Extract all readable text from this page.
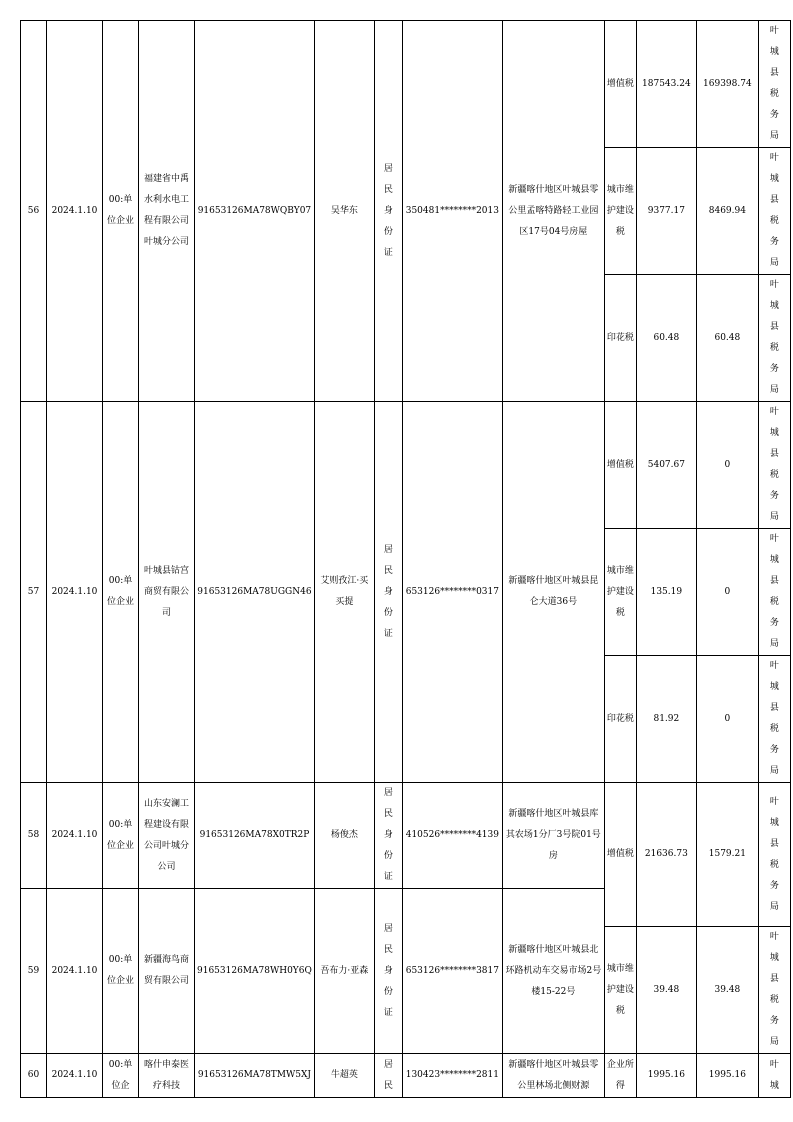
56	2024.1.10	00:单位企业	福建省中禹水利水电工程有限公司叶城分公司	91653126MA78WQBY07	吴华东	居民身份证	350481********2013	新疆喀什地区叶城县零公里孟喀特路轻工业园区17号04号房屋	增值税	187543.24	169398.74	叶城县税务局

									城市维护建设税	9377.17	8469.94	叶城县税务局

									印花税	60.48	60.48	叶城县税务局

57	2024.1.10	00:单位企业	叶城县钴宫商贸有限公司	91653126MA78UGGN46	艾则孜江·买买提	居民身份证	653126********0317	新疆喀什地区叶城县昆仑大道36号	增值税	5407.67	0	叶城县税务局

									城市维护建设税	135.19	0	叶城县税务局

									印花税	81.92	0	叶城县税务局

58	2024.1.10	00:单位企业	山东安澜工程建设有限公司叶城分公司	91653126MA78X0TR2P	杨俊杰	居民身份证	410526********4139	新疆喀什地区叶城县库其农场1分厂3号院01号房	增值税	21636.73	1579.21	叶城县税务局

59	2024.1.10	00:单位企业	新疆海鸟商贸有限公司	91653126MA78WH0Y6Q	吾布力·亚森	居民身份证	653126********3817	新疆喀什地区叶城县北环路机动车交易市场2号楼15-22号				
									城市维护建设税	39.48	39.48	叶城县税务局

60	2024.1.10	00:单位企	喀什申泰医疗科技	91653126MA78TMW5XJ	牛超英	居民	130423********2811	新疆喀什地区叶城县零公里林场北侧财源	企业所得	1995.16	1995.16	叶城
